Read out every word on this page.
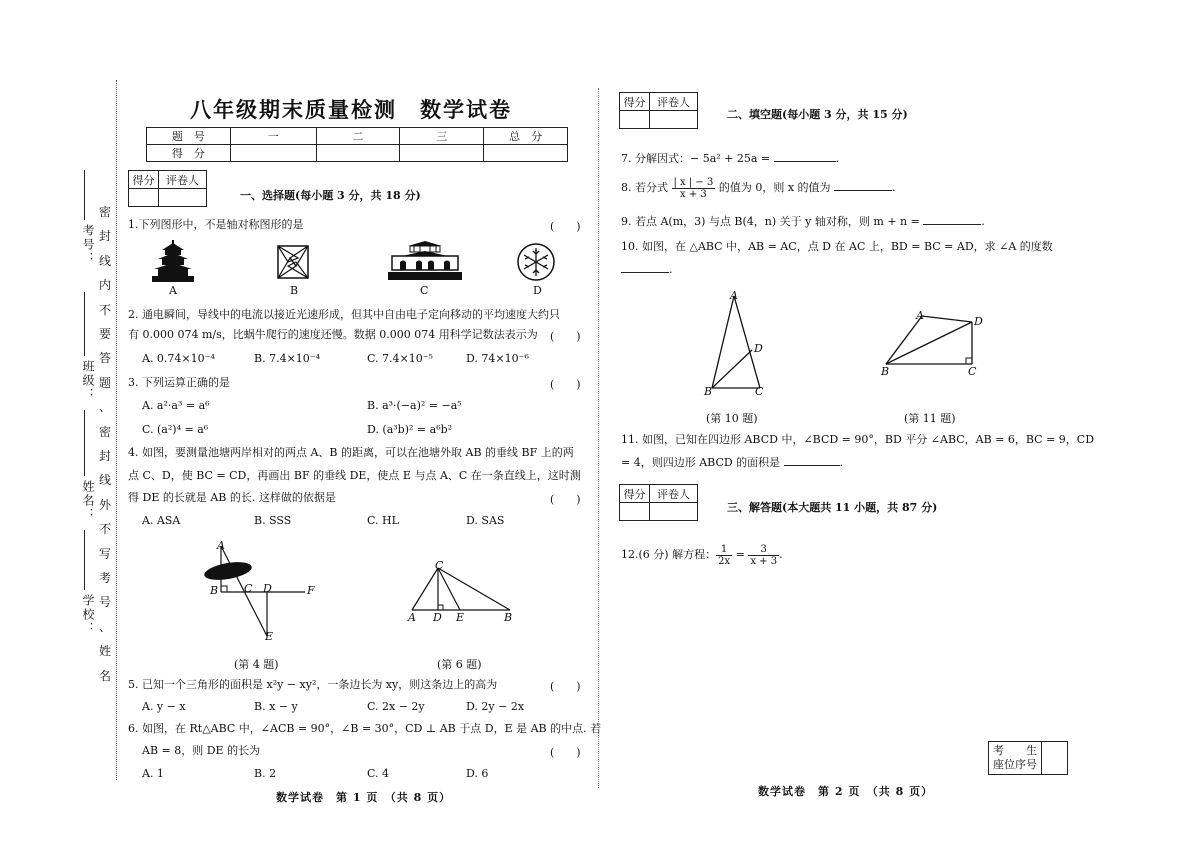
考号：
班级：
姓名：
学校：
密
封
线
内
不
要
答
题
、
密
封
线
外
不
写
考
号
、
姓
名
八年级期末质量检测　数学试卷
题　号	一	二	三	总　分
得　分				
得分	评卷人

一、选择题(每小题 3 分，共 18 分)
1.下列图形中，不是轴对称图形的是	(　　)
A	B	C	D
2. 通电瞬间，导线中的电流以接近光速形成，但其中自由电子定向移动的平均速度大约只
有 0.000 074 m/s，比蜗牛爬行的速度还慢。数据 0.000 074 用科学记数法表示为 (　　)
A. 0.74×10⁻⁴	B. 7.4×10⁻⁴	C. 7.4×10⁻⁵	D. 74×10⁻⁶
3. 下列运算正确的是	(　　)
A. a²·a³ = a⁶	B. a³·(−a)² = −a⁵
C. (a²)⁴ = a⁶	D. (a³b)² = a⁶b²
4. 如图，要测量池塘两岸相对的两点 A、B 的距离，可以在池塘外取 AB 的垂线 BF 上的两
点 C、D，使 BC = CD，再画出 BF 的垂线 DE，使点 E 与点 A、C 在一条直线上，这时测
得 DE 的长就是 AB 的长. 这样做的依据是	(　　)
A. ASA	B. SSS	C. HL	D. SAS
A
B C D
E
F
(第 4 题)
C
A D E	B
(第 6 题)
5. 已知一个三角形的面积是 x²y − xy²，一条边长为 xy，则这条边上的高为	(　　)
A. y − x	B. x − y	C. 2x − 2y	D. 2y − 2x
6. 如图，在 Rt△ABC 中，∠ACB = 90°，∠B = 30°，CD ⊥ AB 于点 D，E 是 AB 的中点. 若
AB = 8，则 DE 的长为	(　　)
A. 1	B. 2	C. 4	D. 6
数学试卷　第 1 页　（共 8 页）
得分	评卷人

二、填空题(每小题 3 分，共 15 分)
7. 分解因式：− 5a² + 25a =	.
8. 若分式 $\frac{| x | - 3}{x + 3}$ 的值为 0，则 x 的值为	.
9. 若点 A(m，3) 与点 B(4，n) 关于 y 轴对称，则 m + n =	.
10. 如图，在 △ABC 中，AB = AC，点 D 在 AC 上，BD = BC = AD，求 ∠A 的度数
.
A
D
B	C
(第 10 题)
A	D
B	C
(第 11 题)
11. 如图，已知在四边形 ABCD 中，∠BCD = 90°，BD 平分 ∠ABC，AB = 6，BC = 9，CD
= 4，则四边形 ABCD 的面积是	.
得分	评卷人

三、解答题(本大题共 11 小题，共 87 分)
12.(6 分) 解方程： $\frac{1}{2x} = \frac{3}{x + 3}$ .
考　　生
座位序号

数学试卷　第 2 页　（共 8 页）
